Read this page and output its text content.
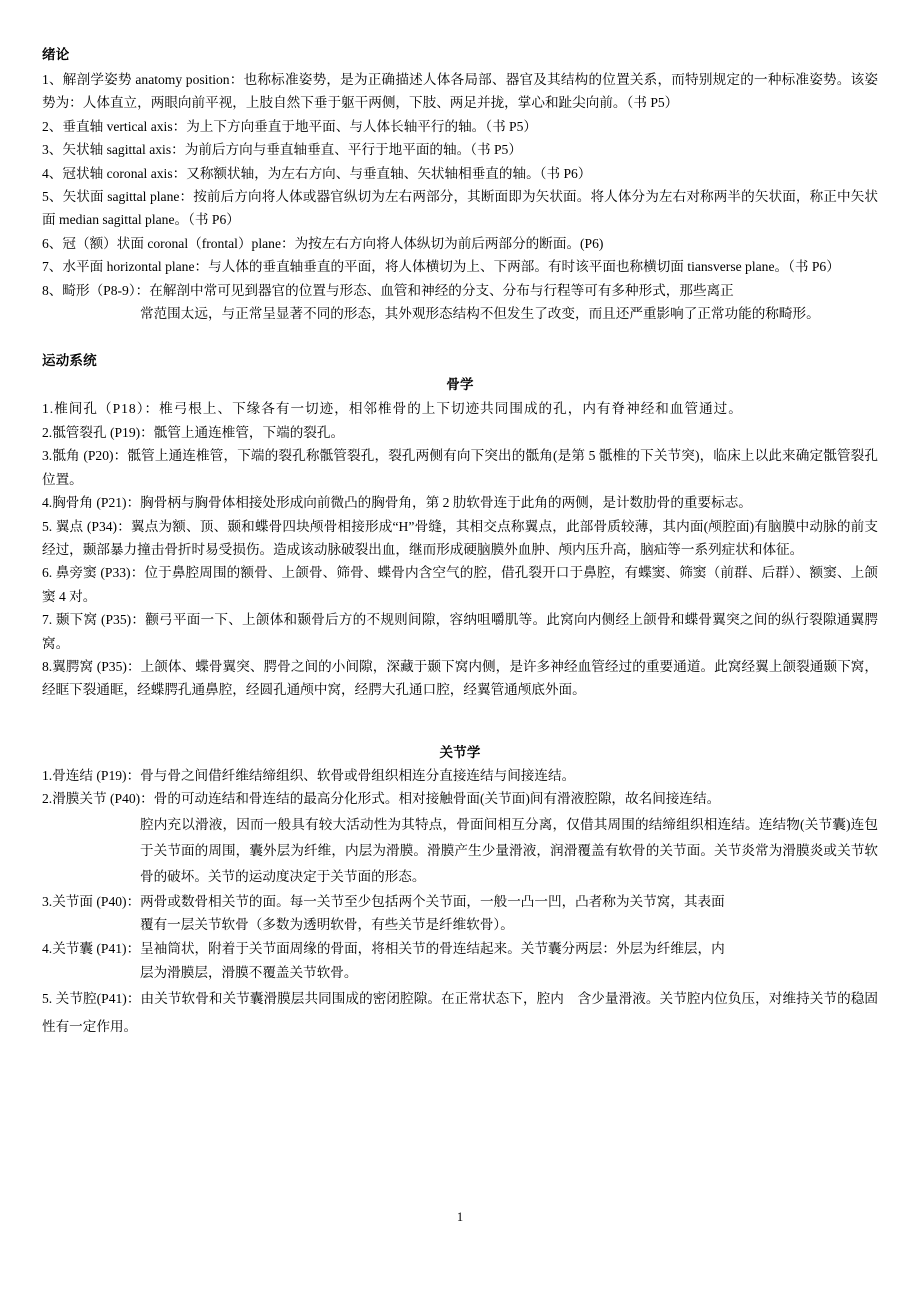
绪论

1、解剖学姿势 anatomy position：也称标准姿势，是为正确描述人体各局部、器官及其结构的位置关系，而特别规定的一种标准姿势。该姿势为：人体直立，两眼向前平视，上肢自然下垂于躯干两侧，下肢、两足并拢，掌心和趾尖向前。（书 P5）

2、垂直轴 vertical axis：为上下方向垂直于地平面、与人体长轴平行的轴。（书 P5）

3、矢状轴 sagittal axis：为前后方向与垂直轴垂直、平行于地平面的轴。（书 P5）

4、冠状轴 coronal axis：又称额状轴，为左右方向、与垂直轴、矢状轴相垂直的轴。（书 P6）

5、矢状面 sagittal plane：按前后方向将人体或器官纵切为左右两部分，其断面即为矢状面。将人体分为左右对称两半的矢状面，称正中矢状面 median sagittal plane。（书 P6）

6、冠（额）状面 coronal（frontal）plane：为按左右方向将人体纵切为前后两部分的断面。(P6)

7、水平面 horizontal plane：与人体的垂直轴垂直的平面，将人体横切为上、下两部。有时该平面也称横切面 tiansverse plane。（书 P6）

8、畸形（P8-9）：在解剖中常可见到器官的位置与形态、血管和神经的分支、分布与行程等可有多种形式，那些离正

常范围太远，与正常呈显著不同的形态，其外观形态结构不但发生了改变，而且还严重影响了正常功能的称畸形。

运动系统
骨学

1.椎间孔（P18）：椎弓根上、下缘各有一切迹，相邻椎骨的上下切迹共同围成的孔，内有脊神经和血管通过。

2.骶管裂孔 (P19)：骶管上通连椎管，下端的裂孔。

3.骶角 (P20)：骶管上通连椎管，下端的裂孔称骶管裂孔，裂孔两侧有向下突出的骶角(是第 5 骶椎的下关节突)，临床上以此来确定骶管裂孔位置。

4.胸骨角 (P21)：胸骨柄与胸骨体相接处形成向前微凸的胸骨角，第 2 肋软骨连于此角的两侧，是计数肋骨的重要标志。

5. 翼点 (P34)：翼点为额、顶、颞和蝶骨四块颅骨相接形成“H”骨缝，其相交点称翼点，此部骨质较薄，其内面(颅腔面)有脑膜中动脉的前支经过，颞部暴力撞击骨折时易受损伤。造成该动脉破裂出血，继而形成硬脑膜外血肿、颅内压升高，脑疝等一系列症状和体征。

6. 鼻旁窦 (P33)：位于鼻腔周围的额骨、上颌骨、筛骨、蝶骨内含空气的腔，借孔裂开口于鼻腔，有蝶窦、筛窦（前群、后群）、额窦、上颌窦 4 对。

7. 颞下窝 (P35)：颧弓平面一下、上颌体和颞骨后方的不规则间隙，容纳咀嚼肌等。此窝向内侧经上颌骨和蝶骨翼突之间的纵行裂隙通翼腭窝。

8.翼腭窝 (P35)：上颌体、蝶骨翼突、腭骨之间的小间隙，深藏于颞下窝内侧，是许多神经血管经过的重要通道。此窝经翼上颌裂通颞下窝，经眶下裂通眶，经蝶腭孔通鼻腔，经圆孔通颅中窝，经腭大孔通口腔，经翼管通颅底外面。

关节学

1.骨连结 (P19)：骨与骨之间借纤维结缔组织、软骨或骨组织相连分直接连结与间接连结。

2.滑膜关节 (P40)：骨的可动连结和骨连结的最高分化形式。相对接触骨面(关节面)间有滑液腔隙，故名间接连结。

腔内充以滑液，因而一般具有较大活动性为其特点，骨面间相互分离，仅借其周围的结缔组织相连结。连结物(关节囊)连包于关节面的周围，囊外层为纤维，内层为滑膜。滑膜产生少量滑液，润滑覆盖有软骨的关节面。关节炎常为滑膜炎或关节软骨的破坏。关节的运动度决定于关节面的形态。

3.关节面 (P40)：两骨或数骨相关节的面。每一关节至少包括两个关节面，一般一凸一凹，凸者称为关节窝，其表面

覆有一层关节软骨（多数为透明软骨，有些关节是纤维软骨）。

4.关节囊 (P41)：呈袖筒状，附着于关节面周缘的骨面，将相关节的骨连结起来。关节囊分两层：外层为纤维层，内

层为滑膜层，滑膜不覆盖关节软骨。

5. 关节腔(P41)：由关节软骨和关节囊滑膜层共同围成的密闭腔隙。在正常状态下，腔内　含少量滑液。关节腔内位负压，对维持关节的稳固性有一定作用。

1
